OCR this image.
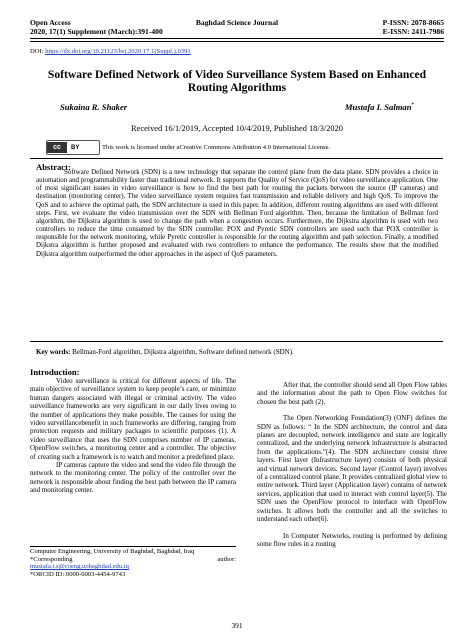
Open Access
2020, 17(1) Supplement (March):391-400
Baghdad Science Journal	P-ISSN: 2078-8665
E-ISSN: 2411-7986
DOI: https://dx.doi.org/10.21123/bsj.2020.17.1(Suppl.).0391
Software Defined Network of Video Surveillance System Based on Enhanced
Routing Algorithms
Sukaina R. Shaker	Mustafa I. Salman*
Received 16/1/2019, Accepted 10/4/2019, Published 18/3/2020
cc	BY	This work is licensed under a Creative Commons Attribution 4.0 International License .
Abstract:
Software Defined Network (SDN) is a new technology that separate the control plane from the data plane. SDN provides a choice in automation and programmability faster than traditional network. It supports the Quality of Service (QoS) for video surveillance application. One of most significant issues in video surveillance is how to find the best path for routing the packets between the source (IP cameras) and destination (monitoring center). The video surveillance system requires fast transmission and reliable delivery and high QoS. To improve the QoS and to achieve the optimal path, the SDN architecture is used in this paper. In addition, different routing algorithms are used with different steps. First, we evaluate the video transmission over the SDN with Bellman Ford algorithm. Then, because the limitation of Bellman ford algorithm, the Dijkstra algorithm is used to change the path when a congestion occurs. Furthermore, the Dijkstra algorithm is used with two controllers to reduce the time consumed by the SDN controller. POX and Pyretic SDN controllers are used such that POX controller is responsible for the network monitoring, while Pyretic controller is responsible for the routing algorithm and path selection. Finally, a modified Dijkstra algorithm is further proposed and evaluated with two controllers to enhance the performance. The results show that the modified Dijkstra algorithm outperformed the other approaches in the aspect of QoS parameters.
Key words: Bellman-Ford algorithm, Dijkstra algorithm, Software defined network (SDN).
Introduction:

Video surveillance is critical for different aspects of life. The main objective of surveillance system to keep people’s care, or minimize human dangers associated with illegal or criminal activity. The video surveillance frameworks are very significant in our daily lives owing to the number of applications they make possible. The causes for using the video surveillancebenefit in such frameworks are differing, ranging from protection requests and military packages to scientific purposes (1). A video surveillance that uses the SDN comprises number of IP cameras, OpenFlow switches, a monitoring center and a controller. The objective of creating such a framework is to watch and monitor a predefined place.

IP cameras capture the video and send the video file through the network to the monitoring center. The policy of the controller over the network is responsible about finding the best path between the IP camera and monitoring center.

After that, the controller should send all Open Flow tables and the information about the path to Open Flow switches for chosen the best path (2).

The Open Networking Foundation(3) (ONF) defines the SDN as follows: “ In the SDN architecture, the control and data planes are decoupled, network intelligence and state are logically centralized, and the underlying network infrastructure is abstracted from the applications.”(4). The SDN architecture consist three layers. First layer (Infrastructure layer) consists of both physical and virtual network devices. Second layer (Control layer) involves of a centralized control plane. It provides centralized global view to entire network. Third layer (Application layer) contains of network services, application that used to interact with control layer(5). The SDN uses the OpenFlow protocol to interface with OpenFlow switches. It allows both the controller and all the switches to understand each other(6).

In Computer Networks, routing is performed by defining some flow rules in a routing

Computer Engineering, University of Baghdad, Baghdad, Iraq
*Corresponding	author:
mustafa.i.s@coeng.uobaghdad.edu.iq
*ORCID ID: 0000-0003-4454-9743
391
